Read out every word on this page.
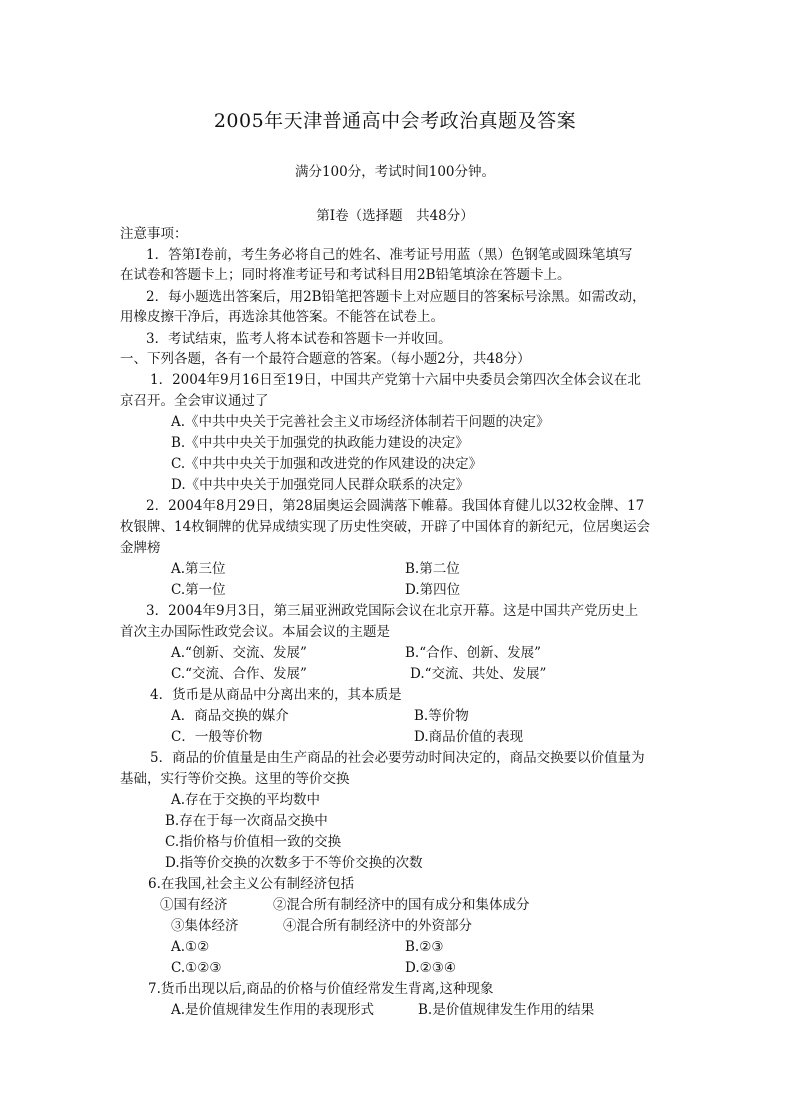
2005年天津普通高中会考政治真题及答案
满分100分，考试时间100分钟。
第Ⅰ卷（选择题　共48分）
注意事项：
1．答第Ⅰ卷前，考生务必将自己的姓名、准考证号用蓝（黑）色钢笔或圆珠笔填写
在试卷和答题卡上；同时将准考证号和考试科目用2B铅笔填涂在答题卡上。
2．每小题选出答案后，用2B铅笔把答题卡上对应题目的答案标号涂黑。如需改动，
用橡皮擦干净后，再选涂其他答案。不能答在试卷上。
3．考试结束，监考人将本试卷和答题卡一并收回。
一、下列各题，各有一个最符合题意的答案。（每小题2分，共48分）
1．2004年9月16日至19日，中国共产党第十六届中央委员会第四次全体会议在北
京召开。全会审议通过了
A.《中共中央关于完善社会主义市场经济体制若干问题的决定》
B.《中共中央关于加强党的执政能力建设的决定》
C.《中共中央关于加强和改进党的作风建设的决定》
D.《中共中央关于加强党同人民群众联系的决定》
2．2004年8月29日，第28届奥运会圆满落下帷幕。我国体育健儿以32枚金牌、17
枚银牌、14枚铜牌的优异成绩实现了历史性突破，开辟了中国体育的新纪元，位居奥运会
金牌榜
A.第三位	B.第二位
C.第一位	D.第四位
3．2004年9月3日，第三届亚洲政党国际会议在北京开幕。这是中国共产党历史上
首次主办国际性政党会议。本届会议的主题是
A.“创新、交流、发展”	B.“合作、创新、发展”
C.“交流、合作、发展”	D.“交流、共处、发展”
4．货币是从商品中分离出来的，其本质是
A．商品交换的媒介	B.等价物
C．一般等价物	D.商品价值的表现
5．商品的价值量是由生产商品的社会必要劳动时间决定的，商品交换要以价值量为
基础，实行等价交换。这里的等价交换
A.存在于交换的平均数中
B.存在于每一次商品交换中
C.指价格与价值相一致的交换
D.指等价交换的次数多于不等价交换的次数
6.在我国,社会主义公有制经济包括
①国有经济	②混合所有制经济中的国有成分和集体成分
③集体经济	④混合所有制经济中的外资部分
A.①②	B.②③
C.①②③	D.②③④
7.货币出现以后,商品的价格与价值经常发生背离,这种现象
A.是价值规律发生作用的表现形式	B.是价值规律发生作用的结果
